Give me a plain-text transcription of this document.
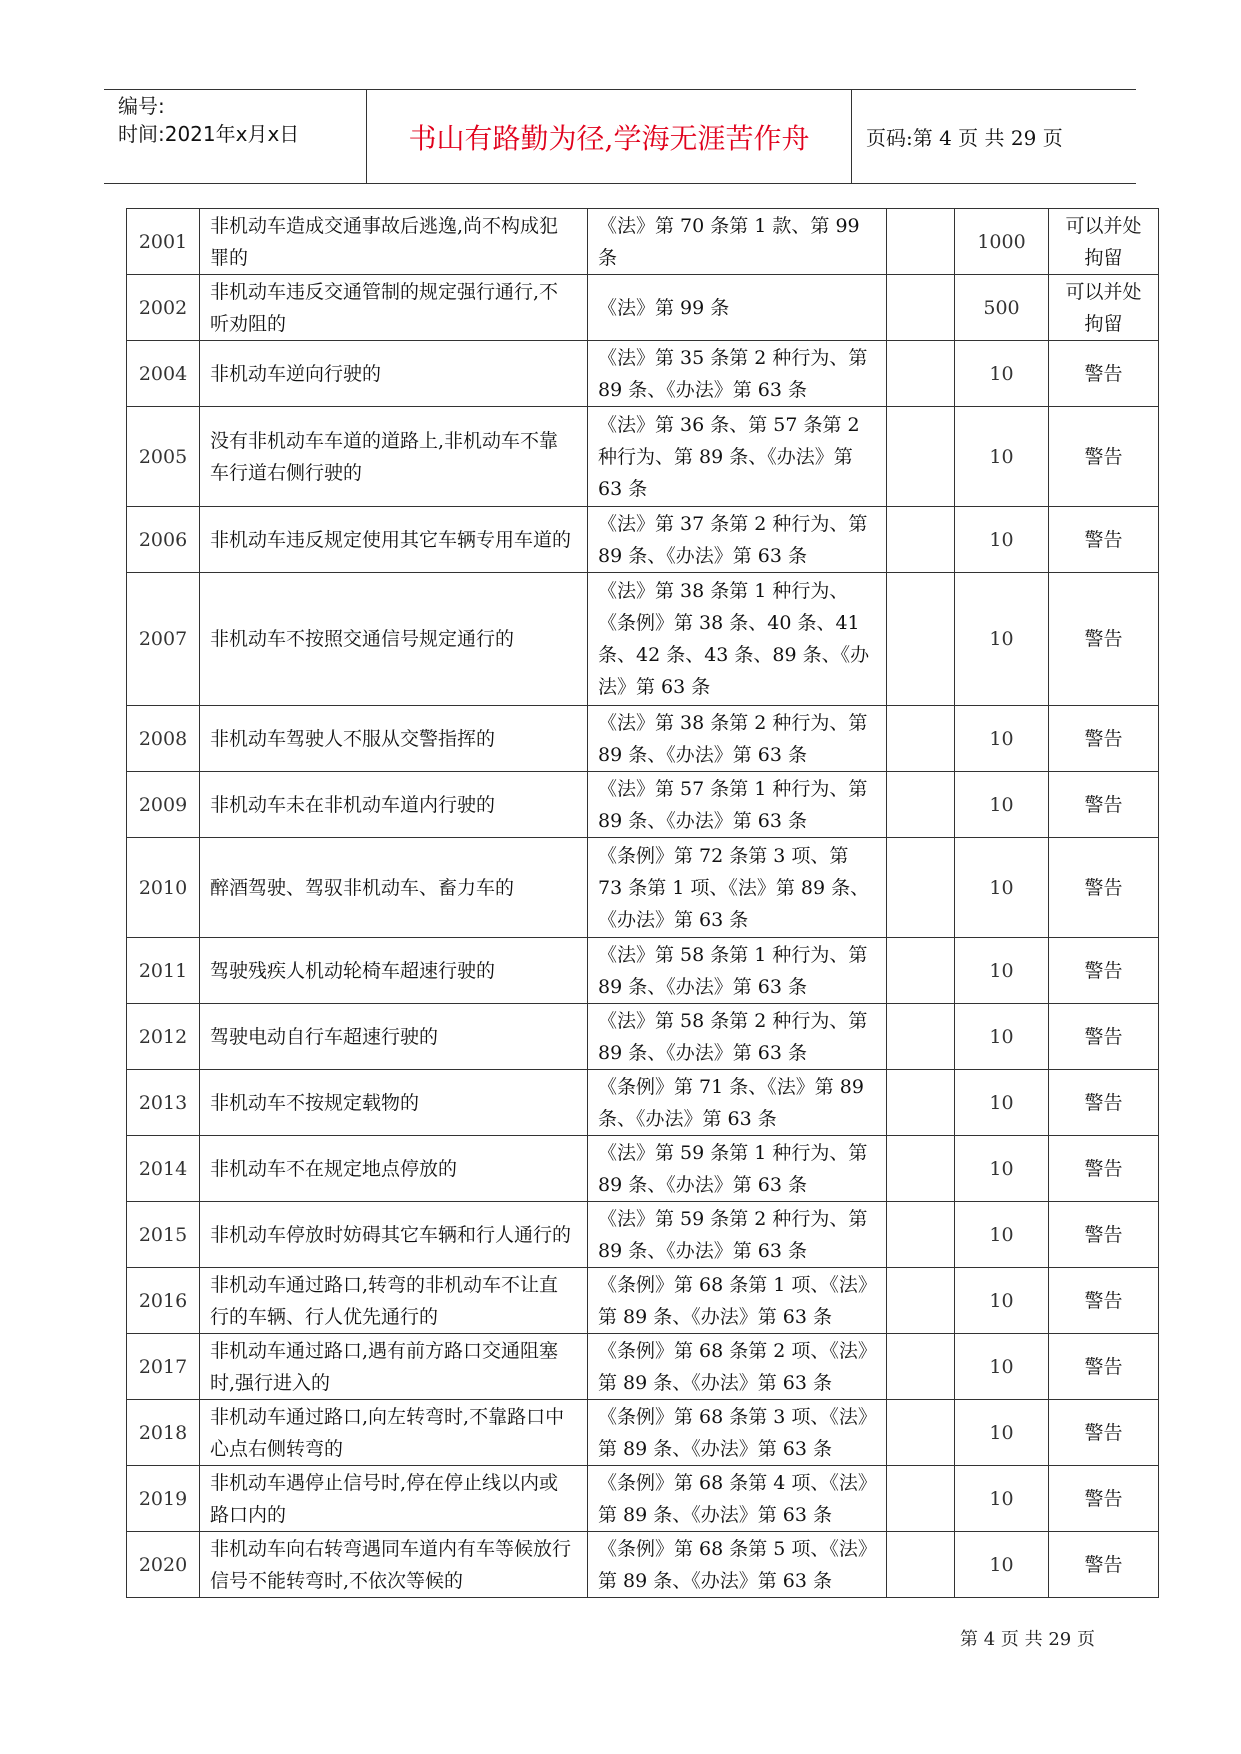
编号:
时间:2021年x月x日	书山有路勤为径,学海无涯苦作舟	页码:第 4 页 共 29 页
2001	非机动车造成交通事故后逃逸,尚不构成犯罪的	《法》第 70 条第 1 款、第 99 条		1000	可以并处拘留
2002	非机动车违反交通管制的规定强行通行,不听劝阻的	《法》第 99 条		500	可以并处拘留
2004	非机动车逆向行驶的	《法》第 35 条第 2 种行为、第 89 条、《办法》第 63 条		10	警告
2005	没有非机动车车道的道路上,非机动车不靠车行道右侧行驶的	《法》第 36 条、第 57 条第 2 种行为、第 89 条、《办法》第 63 条		10	警告
2006	非机动车违反规定使用其它车辆专用车道的	《法》第 37 条第 2 种行为、第 89 条、《办法》第 63 条		10	警告
2007	非机动车不按照交通信号规定通行的	《法》第 38 条第 1 种行为、《条例》第 38 条、40 条、41 条、42 条、43 条、89 条、《办法》第 63 条		10	警告
2008	非机动车驾驶人不服从交警指挥的	《法》第 38 条第 2 种行为、第 89 条、《办法》第 63 条		10	警告
2009	非机动车未在非机动车道内行驶的	《法》第 57 条第 1 种行为、第 89 条、《办法》第 63 条		10	警告
2010	醉酒驾驶、驾驭非机动车、畜力车的	《条例》第 72 条第 3 项、第 73 条第 1 项、《法》第 89 条、《办法》第 63 条		10	警告
2011	驾驶残疾人机动轮椅车超速行驶的	《法》第 58 条第 1 种行为、第 89 条、《办法》第 63 条		10	警告
2012	驾驶电动自行车超速行驶的	《法》第 58 条第 2 种行为、第 89 条、《办法》第 63 条		10	警告
2013	非机动车不按规定载物的	《条例》第 71 条、《法》第 89 条、《办法》第 63 条		10	警告
2014	非机动车不在规定地点停放的	《法》第 59 条第 1 种行为、第 89 条、《办法》第 63 条		10	警告
2015	非机动车停放时妨碍其它车辆和行人通行的	《法》第 59 条第 2 种行为、第 89 条、《办法》第 63 条		10	警告
2016	非机动车通过路口,转弯的非机动车不让直行的车辆、行人优先通行的	《条例》第 68 条第 1 项、《法》第 89 条、《办法》第 63 条		10	警告
2017	非机动车通过路口,遇有前方路口交通阻塞时,强行进入的	《条例》第 68 条第 2 项、《法》第 89 条、《办法》第 63 条		10	警告
2018	非机动车通过路口,向左转弯时,不靠路口中心点右侧转弯的	《条例》第 68 条第 3 项、《法》第 89 条、《办法》第 63 条		10	警告
2019	非机动车遇停止信号时,停在停止线以内或路口内的	《条例》第 68 条第 4 项、《法》第 89 条、《办法》第 63 条		10	警告
2020	非机动车向右转弯遇同车道内有车等候放行信号不能转弯时,不依次等候的	《条例》第 68 条第 5 项、《法》第 89 条、《办法》第 63 条		10	警告
第 4 页 共 29 页
